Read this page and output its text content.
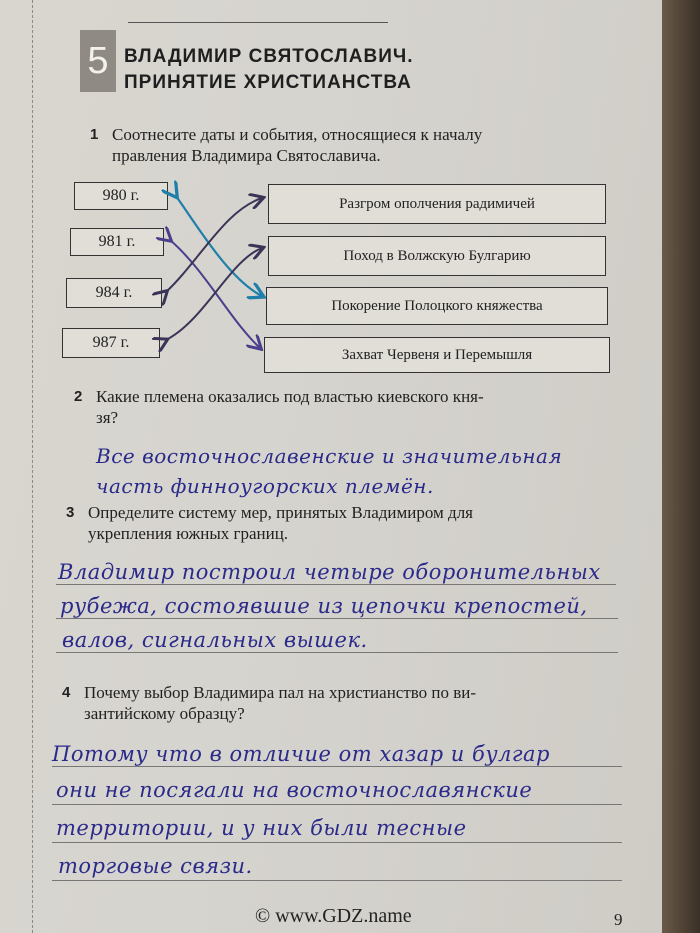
5 ВЛАДИМИР СВЯТОСЛАВИЧ.
ПРИНЯТИЕ ХРИСТИАНСТВА
1 Соотнесите даты и события, относящиеся к началу
правления Владимира Святославича.
980 г.
981 г.
984 г.
987 г.
Разгром ополчения радимичей
Поход в Волжскую Булгарию
Покорение Полоцкого княжества
Захват Червеня и Перемышля
2 Какие племена оказались под властью киевского кня-
зя?
Все восточнославенские и значительная
часть финноугорских племён.
3 Определите систему мер, принятых Владимиром для
укрепления южных границ.
Владимир построил четыре оборонительных
рубежа, состоявшие из цепочки крепостей,
валов, сигнальных вышек.
4 Почему выбор Владимира пал на христианство по ви-
зантийскому образцу?
Потому что в отличие от хазар и булгар
они не посягали на восточнославянские
территории, и у них были тесные
торговые связи.
© www.GDZ.name	9
